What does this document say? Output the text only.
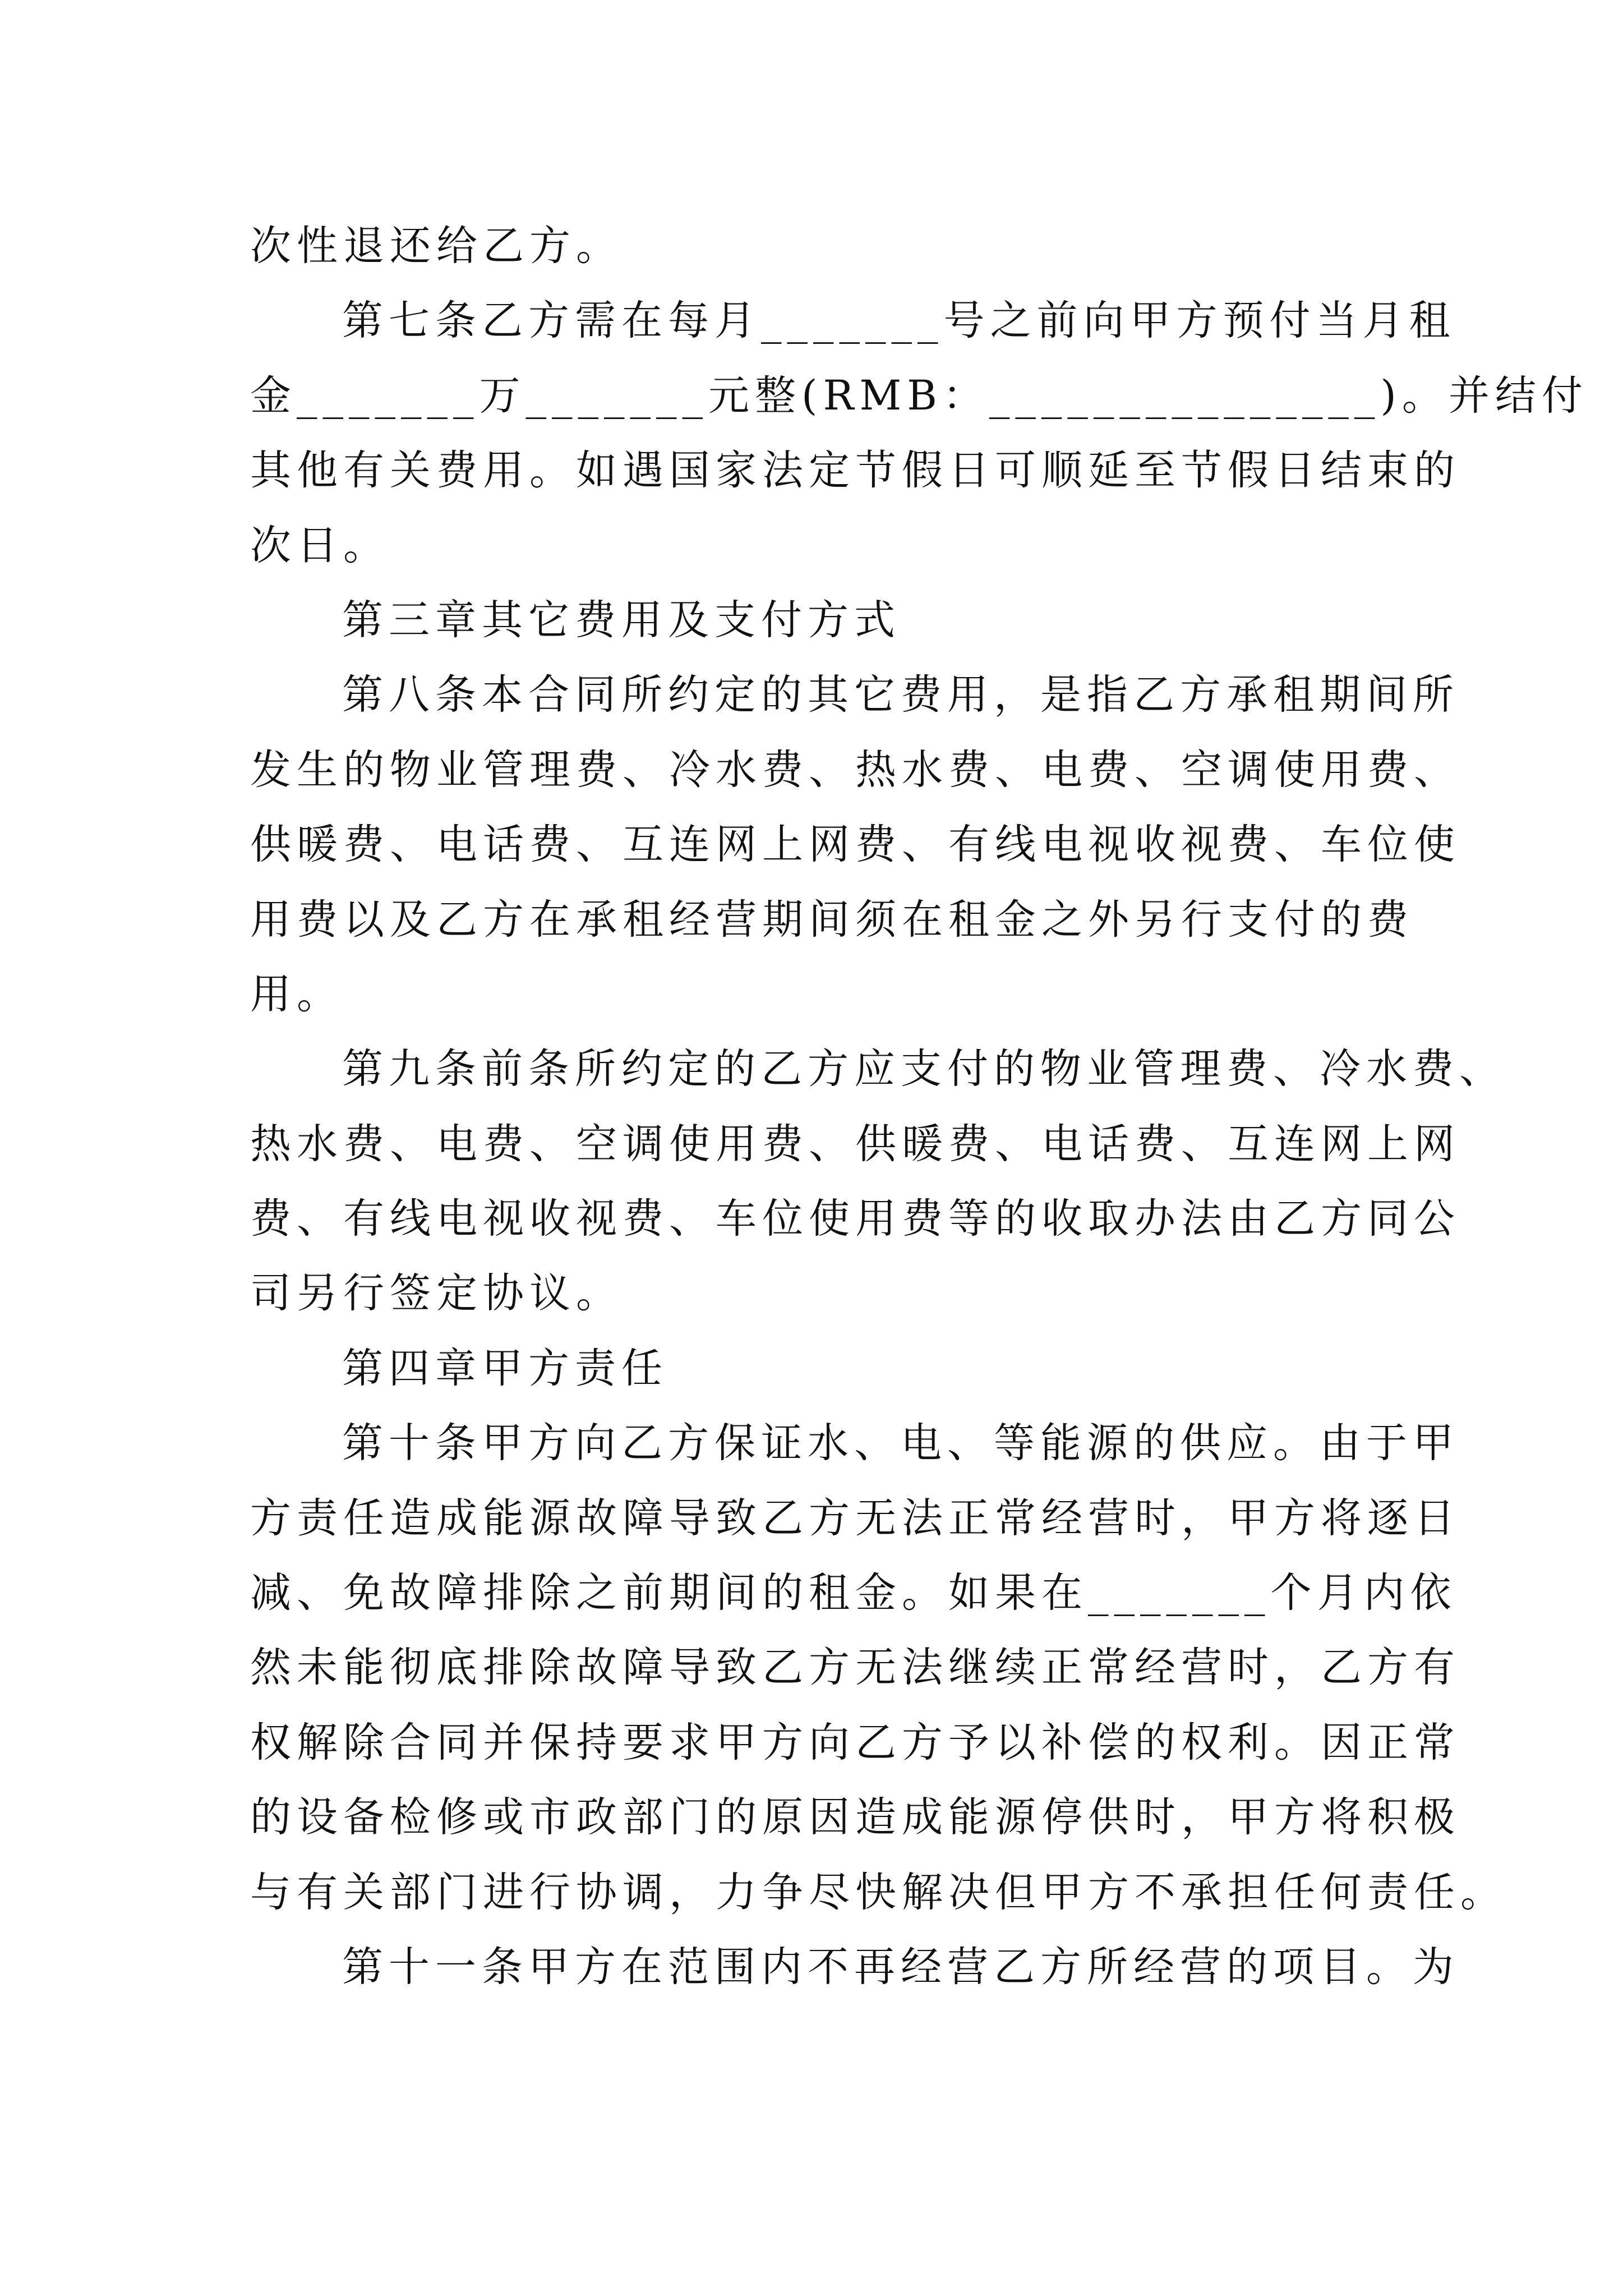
次性退还给乙方。
第七条乙方需在每月_______号之前向甲方预付当月租
金_______万_______元整(RMB：_______________)。并结付
其他有关费用。如遇国家法定节假日可顺延至节假日结束的
次日。
第三章其它费用及支付方式
第八条本合同所约定的其它费用，是指乙方承租期间所
发生的物业管理费、冷水费、热水费、电费、空调使用费、
供暖费、电话费、互连网上网费、有线电视收视费、车位使
用费以及乙方在承租经营期间须在租金之外另行支付的费
用。
第九条前条所约定的乙方应支付的物业管理费、冷水费、
热水费、电费、空调使用费、供暖费、电话费、互连网上网
费、有线电视收视费、车位使用费等的收取办法由乙方同公
司另行签定协议。
第四章甲方责任
第十条甲方向乙方保证水、电、等能源的供应。由于甲
方责任造成能源故障导致乙方无法正常经营时，甲方将逐日
减、免故障排除之前期间的租金。如果在_______个月内依
然未能彻底排除故障导致乙方无法继续正常经营时，乙方有
权解除合同并保持要求甲方向乙方予以补偿的权利。因正常
的设备检修或市政部门的原因造成能源停供时，甲方将积极
与有关部门进行协调，力争尽快解决但甲方不承担任何责任。
第十一条甲方在范围内不再经营乙方所经营的项目。为
